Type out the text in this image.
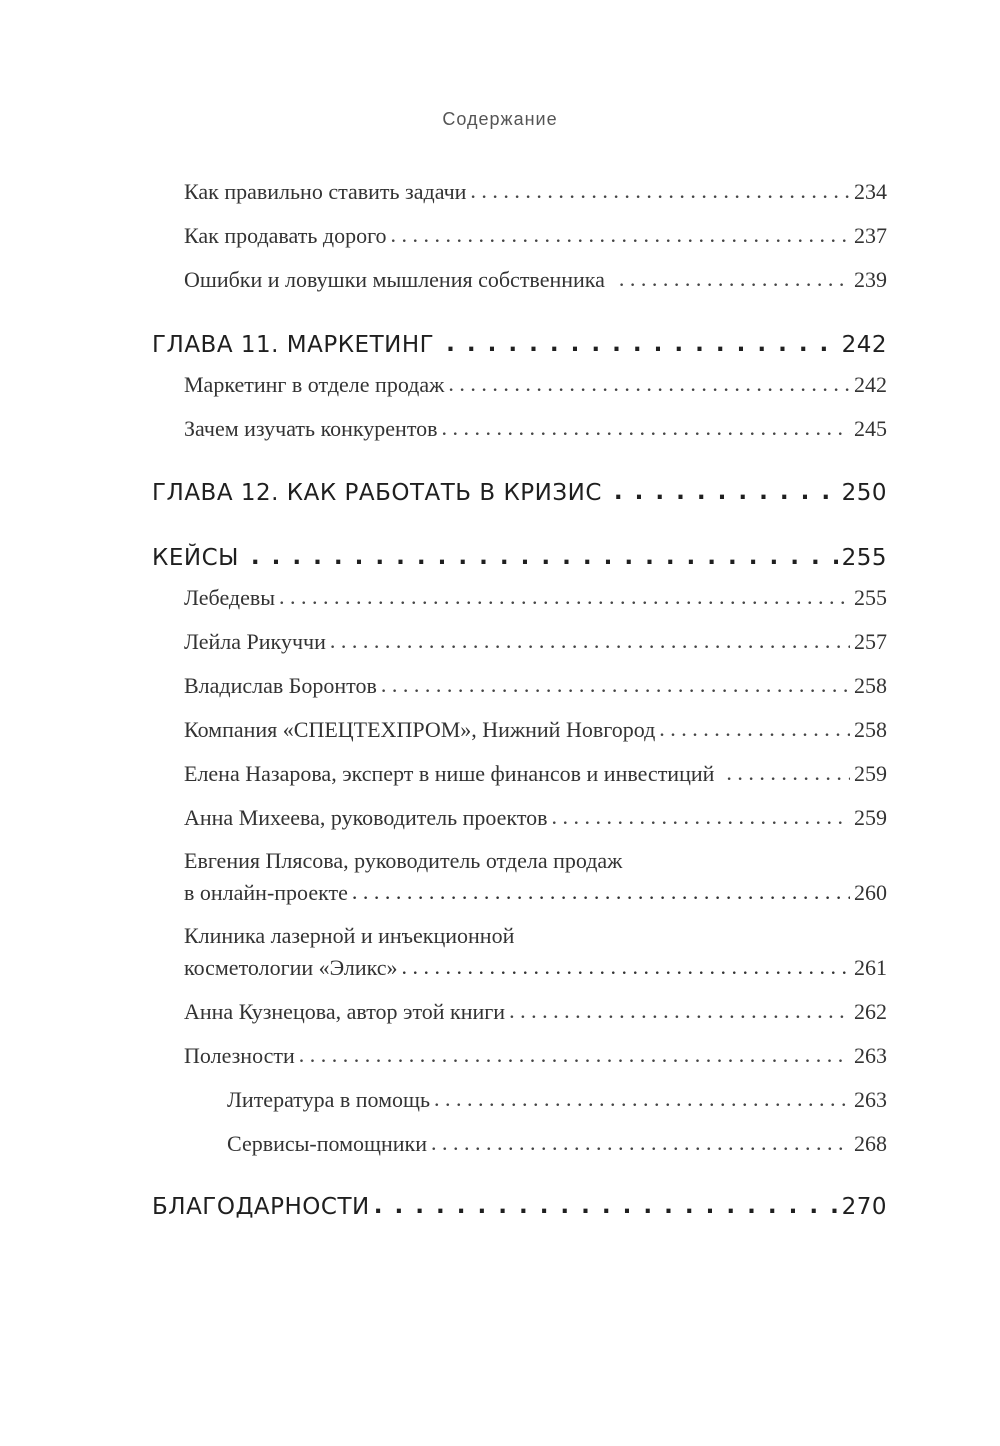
Содержание
Как правильно ставить задачи . . .	234
Как продавать дорого . . .	237
Ошибки и ловушки мышления собственника . . .	239
ГЛАВА 11. МАРКЕТИНГ . . .	242
Маркетинг в отделе продаж . . .	242
Зачем изучать конкурентов . . .	245
ГЛАВА 12. КАК РАБОТАТЬ В КРИЗИС . . .	250
КЕЙСЫ . . .	255
Лебедевы . . .	255
Лейла Рикуччи . . .	257
Владислав Боронтов . . .	258
Компания «СПЕЦТЕХПРОМ», Нижний Новгород . . .	258
Елена Назарова, эксперт в нише финансов и инвестиций . . .	259
Анна Михеева, руководитель проектов . . .	259
Евгения Плясова, руководитель отдела продаж
в онлайн-проекте . . .	260
Клиника лазерной и инъекционной
косметологии «Эликс» . . .	261
Анна Кузнецова, автор этой книги . . .	262
Полезности . . .	263
Литература в помощь . . .	263
Сервисы-помощники . . .	268
БЛАГОДАРНОСТИ . . .	270
